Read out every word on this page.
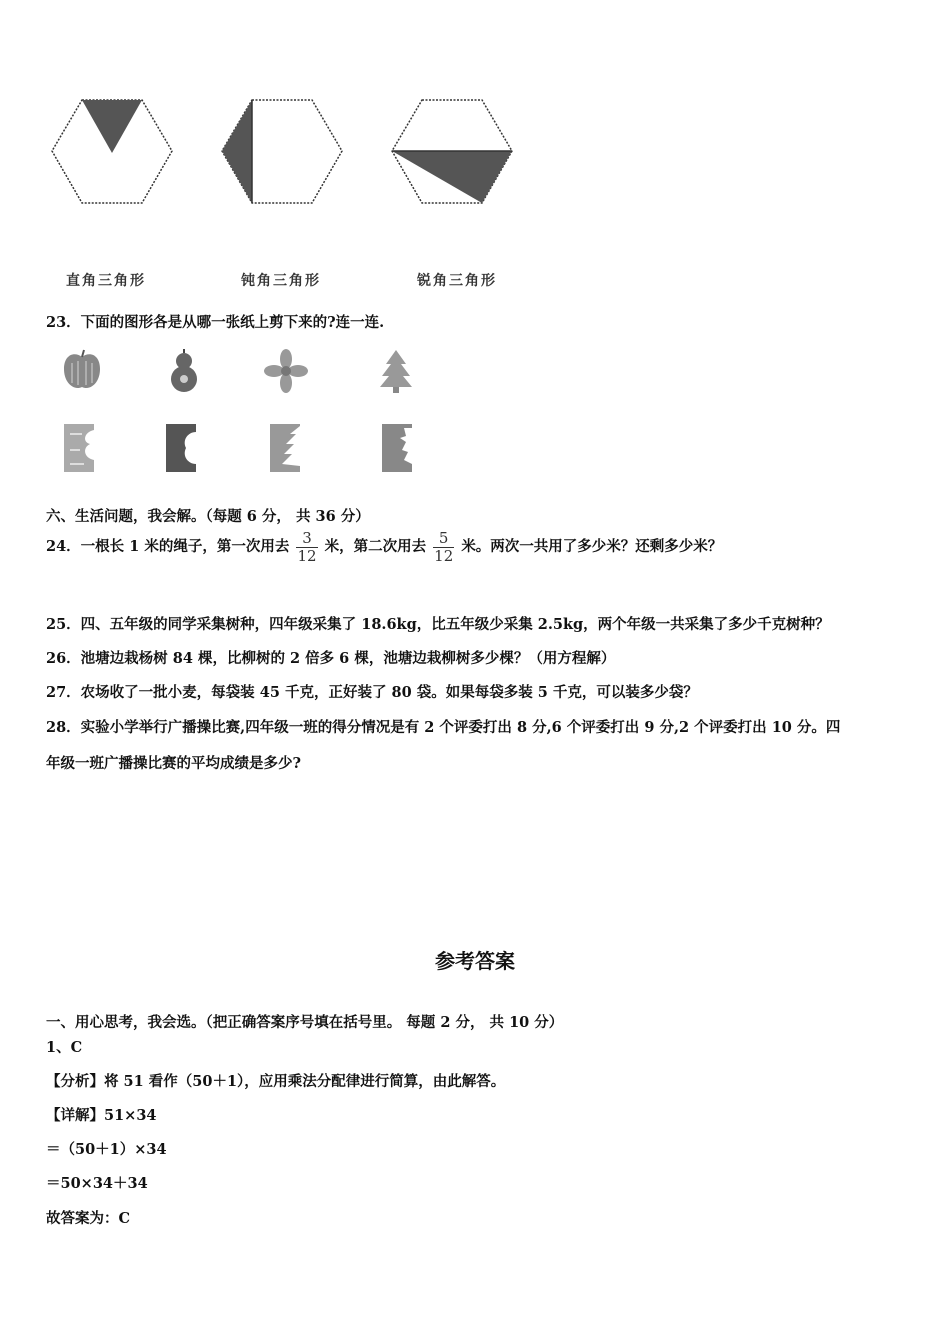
直角三角形	钝角三角形	锐角三角形
23．下面的图形各是从哪一张纸上剪下来的?连一连.
六、生活问题，我会解。（每题 6 分， 共 36 分）
24．一根长 1 米的绳子，第一次用去 $\frac{3}{12}$ 米，第二次用去 $\frac{5}{12}$ 米。两次一共用了多少米？还剩多少米？
25．四、五年级的同学采集树种，四年级采集了 18.6kg，比五年级少采集 2.5kg，两个年级一共采集了多少千克树种？
26．池塘边栽杨树 84 棵，比柳树的 2 倍多 6 棵，池塘边栽柳树多少棵？（用方程解）
27．农场收了一批小麦，每袋装 45 千克，正好装了 80 袋。如果每袋多装 5 千克，可以装多少袋？
28．实验小学举行广播操比赛,四年级一班的得分情况是有 2 个评委打出 8 分,6 个评委打出 9 分,2 个评委打出 10 分。四
年级一班广播操比赛的平均成绩是多少?
参考答案
一、用心思考，我会选。（把正确答案序号填在括号里。 每题 2 分， 共 10 分）
1、C
【分析】将 51 看作（50＋1），应用乘法分配律进行简算，由此解答。
【详解】51×34
＝（50＋1）×34
＝50×34＋34
故答案为：C
